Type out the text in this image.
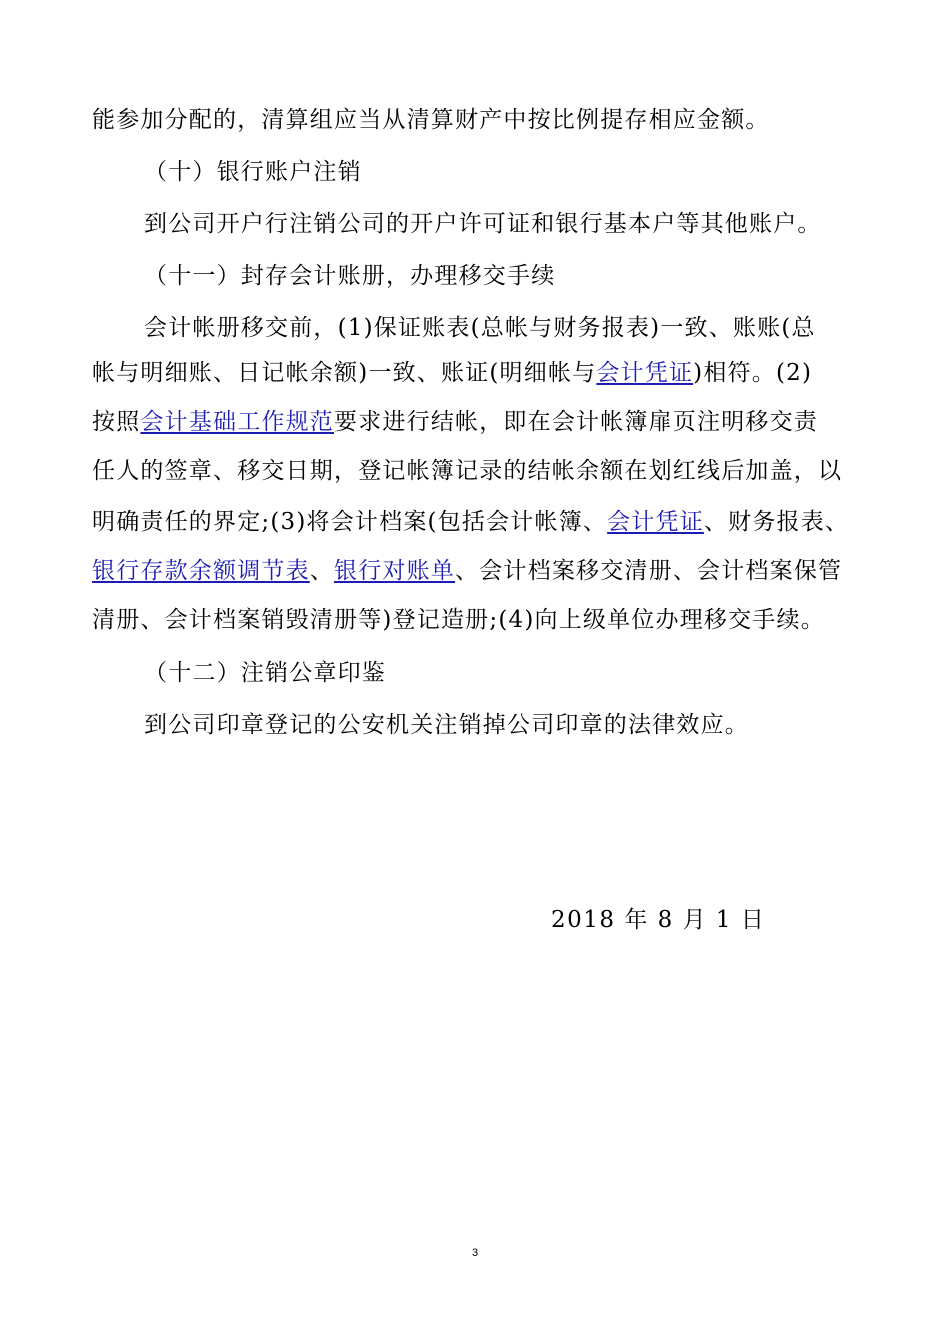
能参加分配的，清算组应当从清算财产中按比例提存相应金额。
（十）银行账户注销
到公司开户行注销公司的开户许可证和银行基本户等其他账户。
（十一）封存会计账册，办理移交手续
会计帐册移交前，(1)保证账表(总帐与财务报表)一致、账账(总
帐与明细账、日记帐余额)一致、账证(明细帐与会计凭证)相符。(2)
按照会计基础工作规范要求进行结帐，即在会计帐簿扉页注明移交责
任人的签章、移交日期，登记帐簿记录的结帐余额在划红线后加盖，以
明确责任的界定;(3)将会计档案(包括会计帐簿、会计凭证、财务报表、
银行存款余额调节表、银行对账单、会计档案移交清册、会计档案保管
清册、会计档案销毁清册等)登记造册;(4)向上级单位办理移交手续。
（十二）注销公章印鉴
到公司印章登记的公安机关注销掉公司印章的法律效应。
2018 年 8 月 1 日
3
